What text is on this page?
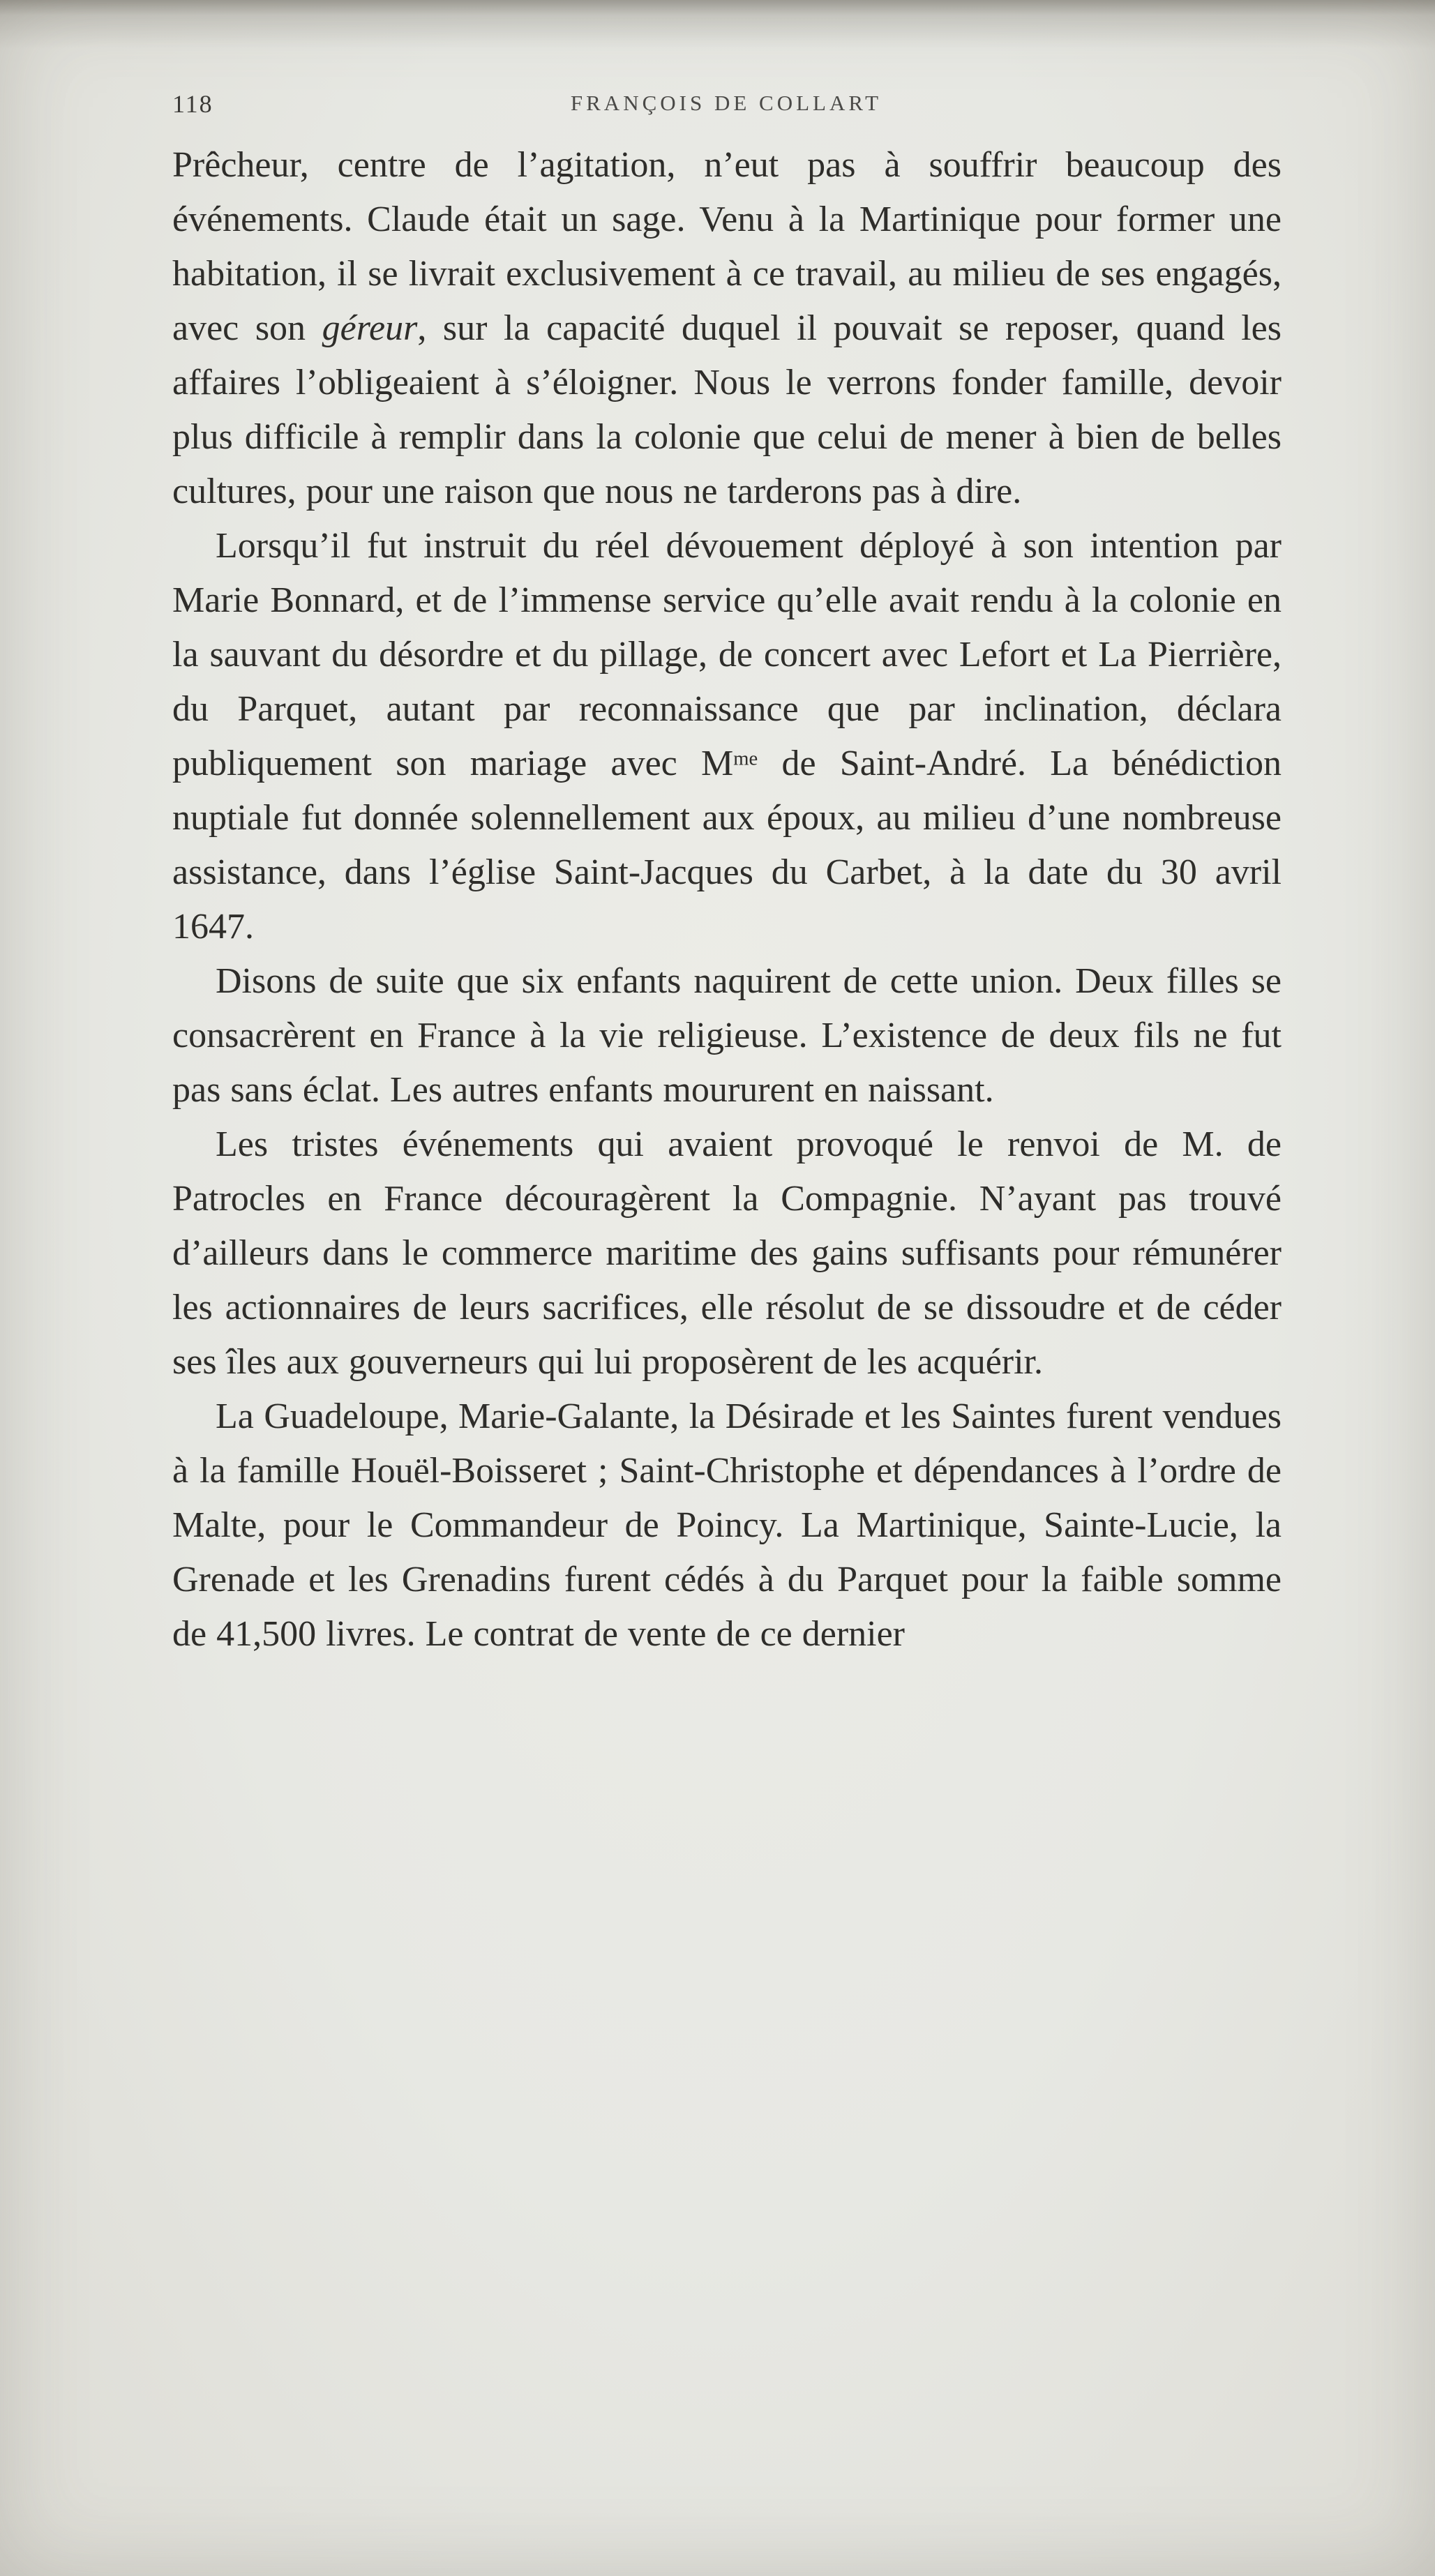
118	FRANÇOIS DE COLLART

Prêcheur, centre de l’agitation, n’eut pas à souffrir beaucoup des événements. Claude était un sage. Venu à la Martinique pour former une habitation, il se livrait exclusivement à ce travail, au milieu de ses engagés, avec son géreur, sur la capacité duquel il pouvait se reposer, quand les affaires l’obligeaient à s’éloigner. Nous le verrons fonder famille, devoir plus difficile à remplir dans la colonie que celui de mener à bien de belles cultures, pour une raison que nous ne tarderons pas à dire.

Lorsqu’il fut instruit du réel dévouement déployé à son intention par Marie Bonnard, et de l’immense service qu’elle avait rendu à la colonie en la sauvant du désordre et du pillage, de concert avec Lefort et La Pierrière, du Parquet, autant par reconnaissance que par inclination, déclara publiquement son mariage avec $M^{me}$ de Saint-André. La bénédiction nuptiale fut donnée solennellement aux époux, au milieu d’une nombreuse assistance, dans l’église Saint-Jacques du Carbet, à la date du 30 avril 1647.

Disons de suite que six enfants naquirent de cette union. Deux filles se consacrèrent en France à la vie religieuse. L’existence de deux fils ne fut pas sans éclat. Les autres enfants moururent en naissant.

Les tristes événements qui avaient provoqué le renvoi de M. de Patrocles en France découragèrent la Compagnie. N’ayant pas trouvé d’ailleurs dans le commerce maritime des gains suffisants pour rémunérer les actionnaires de leurs sacrifices, elle résolut de se dissoudre et de céder ses îles aux gouverneurs qui lui proposèrent de les acquérir.

La Guadeloupe, Marie-Galante, la Désirade et les Saintes furent vendues à la famille Houël-Boisseret ; Saint-Christophe et dépendances à l’ordre de Malte, pour le Commandeur de Poincy. La Martinique, Sainte-Lucie, la Grenade et les Grenadins furent cédés à du Parquet pour la faible somme de 41,500 livres. Le contrat de vente de ce dernier
